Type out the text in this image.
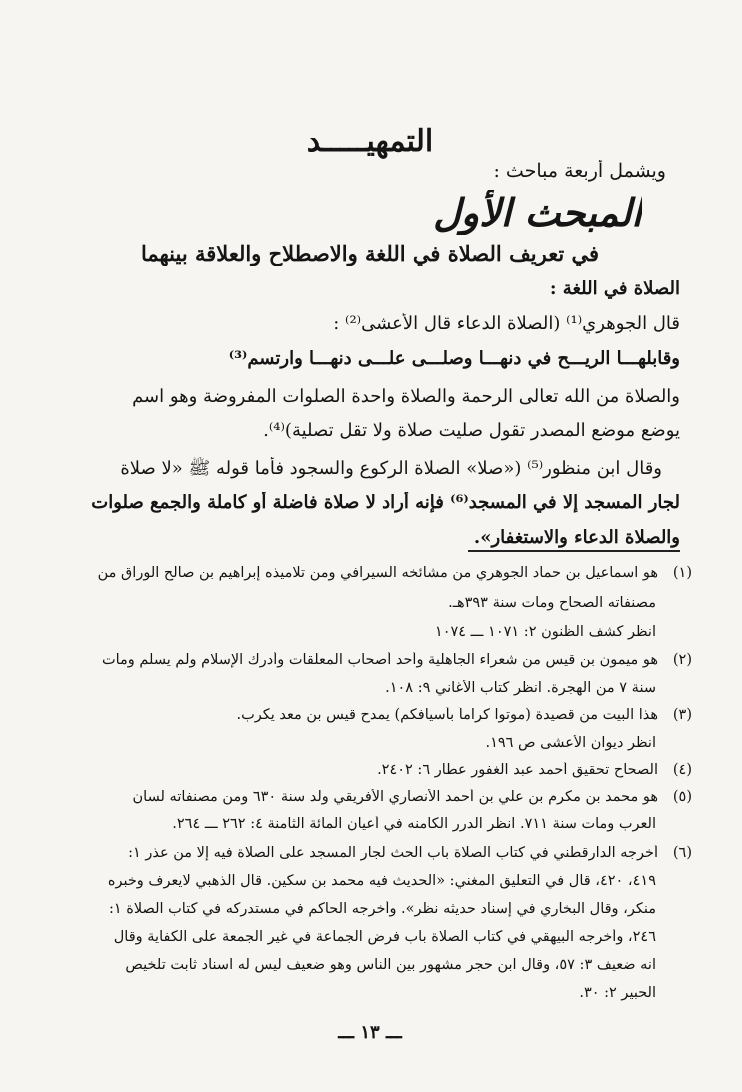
التمهيـــــد
ويشمل أربعة مباحث :
المبحث الأول
في تعريف الصلاة في اللغة والاصطلاح والعلاقة بينهما
الصلاة في اللغة :
قال الجوهري⁽¹⁾ (الصلاة الدعاء قال الأعشى⁽²⁾ :
وقابلهـــا الريـــح في دنهـــا وصلـــى علـــى دنهـــا وارتسم⁽³⁾
والصلاة من الله تعالى الرحمة والصلاة واحدة الصلوات المفروضة وهو اسم
يوضع موضع المصدر تقول صليت صلاة ولا تقل تصلية)⁽⁴⁾.
وقال ابن منظور⁽⁵⁾ («صلا» الصلاة الركوع والسجود فأما قوله ﷺ «لا صلاة
لجار المسجد إلا في المسجد⁽⁶⁾ فإنه أراد لا صلاة فاضلة أو كاملة والجمع صلوات
والصلاة الدعاء والاستغفار».
(١)هو اسماعيل بن حماد الجوهري من مشائخه السيرافي ومن تلاميذه إبراهيم بن صالح الوراق من
مصنفاته الصحاح ومات سنة ٣٩٣هـ.
انظر كشف الظنون ٢: ١٠٧١ ـــ ١٠٧٤
(٢)هو ميمون بن قيس من شعراء الجاهلية وأحد أصحاب المعلقات وأدرك الإسلام ولم يسلم ومات
سنة ٧ من الهجرة. انظر كتاب الأغاني ٩: ١٠٨.
(٣)هذا البيت من قصيدة (موتوا كراماً بأسيافكم) يمدح قيس بن معد يكرب.
انظر ديوان الأعشى ص ١٩٦.
(٤)الصحاح تحقيق أحمد عبد الغفور عطار ٦: ٢٤٠٢.
(٥)هو محمد بن مكرم بن علي بن أحمد الأنصاري الأفريقي ولد سنة ٦٣٠ ومن مصنفاته لسان
العرب ومات سنة ٧١١. انظر الدرر الكامنه في أعيان المائة الثامنة ٤: ٢٦٢ ـــ ٢٦٤.
(٦)أخرجه الدارقطني في كتاب الصلاة باب الحث لجار المسجد على الصلاة فيه إلا من عذر ١:
٤١٩، ٤٢٠، قال في التعليق المغني: «الحديث فيه محمد بن سكين. قال الذهبي لايعرف وخبره
منكر، وقال البخاري في إسناد حديثه نظر». وأخرجه الحاكم في مستدركه في كتاب الصلاة ١:
٢٤٦، وأخرجه البيهقي في كتاب الصلاة باب فرض الجماعة في غير الجمعة على الكفاية وقال
انه ضعيف ٣: ٥٧، وقال ابن حجر مشهور بين الناس وهو ضعيف ليس له اسناد ثابت تلخيص
الحبير ٢: ٣٠.
ـــ ١٣ ـــ
